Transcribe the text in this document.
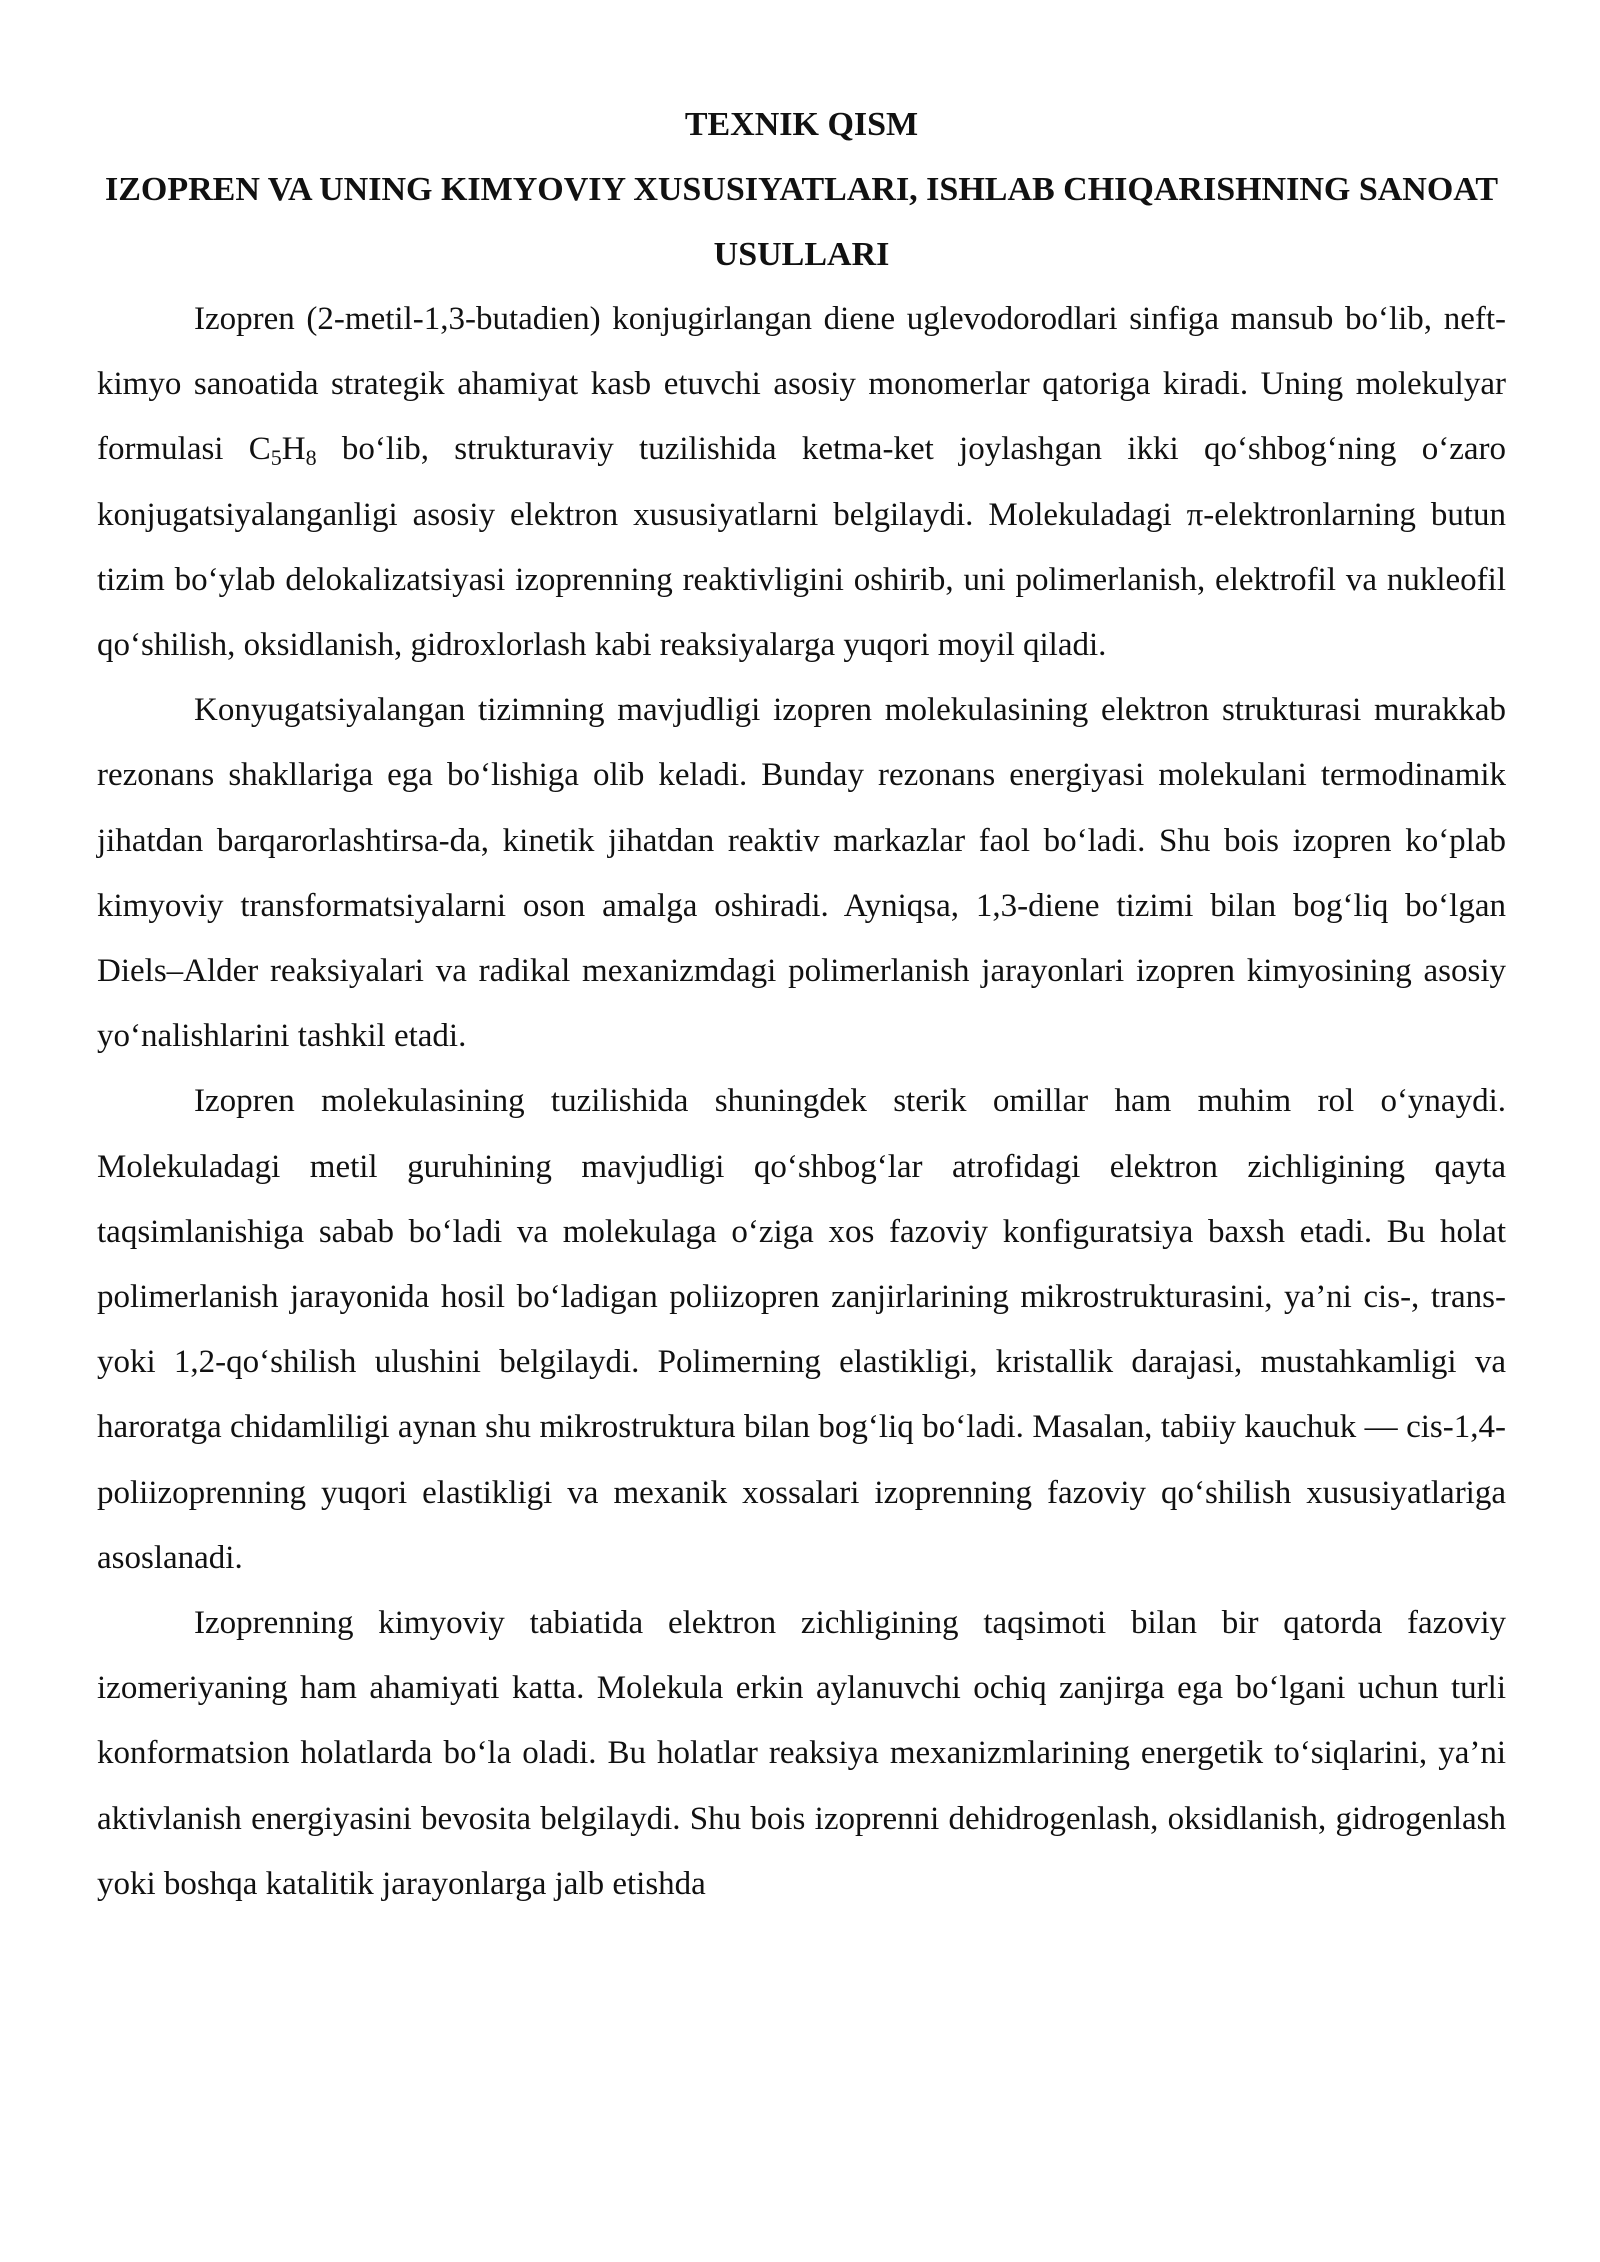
TEXNIK QISM
IZOPREN VA UNING KIMYOVIY XUSUSIYATLARI, ISHLAB CHIQARISHNING SANOAT USULLARI

Izopren (2-metil-1,3-butadien) konjugirlangan diene uglevodorodlari sinfiga mansub bo‘lib, neft-kimyo sanoatida strategik ahamiyat kasb etuvchi asosiy monomerlar qatoriga kiradi. Uning molekulyar formulasi $C_5H_8$ bo‘lib, strukturaviy tuzilishida ketma-ket joylashgan ikki qo‘shbog‘ning o‘zaro konjugatsiyalanganligi asosiy elektron xususiyatlarni belgilaydi. Molekuladagi π-elektronlarning butun tizim bo‘ylab delokalizatsiyasi izoprenning reaktivligini oshirib, uni polimerlanish, elektrofil va nukleofil qo‘shilish, oksidlanish, gidroxlorlash kabi reaksiyalarga yuqori moyil qiladi.

Konyugatsiyalangan tizimning mavjudligi izopren molekulasining elektron strukturasi murakkab rezonans shakllariga ega bo‘lishiga olib keladi. Bunday rezonans energiyasi molekulani termodinamik jihatdan barqarorlashtirsa-da, kinetik jihatdan reaktiv markazlar faol bo‘ladi. Shu bois izopren ko‘plab kimyoviy transformatsiyalarni oson amalga oshiradi. Ayniqsa, 1,3-diene tizimi bilan bog‘liq bo‘lgan Diels–Alder reaksiyalari va radikal mexanizmdagi polimerlanish jarayonlari izopren kimyosining asosiy yo‘nalishlarini tashkil etadi.

Izopren molekulasining tuzilishida shuningdek sterik omillar ham muhim rol o‘ynaydi. Molekuladagi metil guruhining mavjudligi qo‘shbog‘lar atrofidagi elektron zichligining qayta taqsimlanishiga sabab bo‘ladi va molekulaga o‘ziga xos fazoviy konfiguratsiya baxsh etadi. Bu holat polimerlanish jarayonida hosil bo‘ladigan poliizopren zanjirlarining mikrostrukturasini, ya’ni cis-, trans- yoki 1,2-qo‘shilish ulushini belgilaydi. Polimerning elastikligi, kristallik darajasi, mustahkamligi va haroratga chidamliligi aynan shu mikrostruktura bilan bog‘liq bo‘ladi. Masalan, tabiiy kauchuk — cis-1,4-poliizoprenning yuqori elastikligi va mexanik xossalari izoprenning fazoviy qo‘shilish xususiyatlariga asoslanadi.

Izoprenning kimyoviy tabiatida elektron zichligining taqsimoti bilan bir qatorda fazoviy izomeriyaning ham ahamiyati katta. Molekula erkin aylanuvchi ochiq zanjirga ega bo‘lgani uchun turli konformatsion holatlarda bo‘la oladi. Bu holatlar reaksiya mexanizmlarining energetik to‘siqlarini, ya’ni aktivlanish energiyasini bevosita belgilaydi. Shu bois izoprenni dehidrogenlash, oksidlanish, gidrogenlash yoki boshqa katalitik jarayonlarga jalb etishda
